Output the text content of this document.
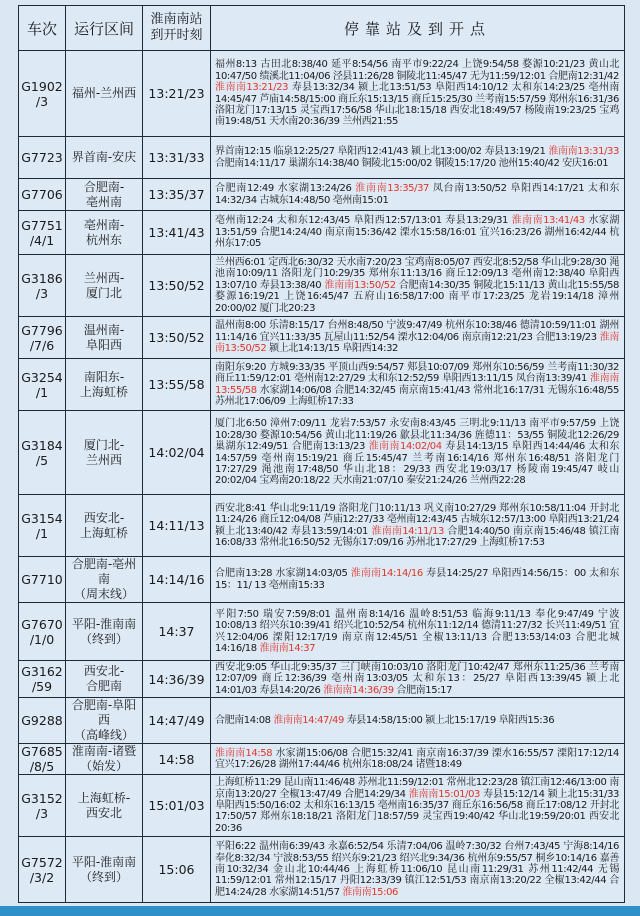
车次	运行区间	淮南南站
到开时刻	停靠站及到开点
G1902
/3	福州-兰州西	13:21/23	福州8:13 古田北8:38/40 延平8:54/56 南平市9:22/24 上饶9:54/58 婺源10:21/23 黄山北10:47/50 绩溪北11:04/06 泾县11:26/28 铜陵北11:45/47 无为11:59/12:01 合肥南12:31/42 淮南南13:21/23 寿县13:32/34 颍上北13:51/53 阜阳西14:10/12 太和东14:23/25 亳州南14:45/47 芦庙14:58/15:00 商丘东15:13/15 商丘15:25/30 兰考南15:57/59 郑州东16:31/36 洛阳龙门17:13/15 灵宝西17:56/58 华山北18:15/18 西安北18:49/57 杨陵南19:23/25 宝鸡南19:48/51 天水南20:36/39 兰州西21:55
G7723	界首南-安庆	13:31/33	界首南12:15 临泉12:25/27 阜阳西12:41/43 颍上北13:00/02 寿县13:19/21 淮南南13:31/33 合肥南14:11/17 巢湖东14:38/40 铜陵北15:00/02 铜陵15:17/20 池州15:40/42 安庆16:01
G7706	合肥南-
亳州南	13:35/37	合肥南12:49 水家湖13:24/26 淮南南13:35/37 凤台南13:50/52 阜阳西14:17/21 太和东14:32/34 古城东14:48/50 亳州南15:01
G7751
/4/1	亳州南-
杭州东	13:41/43	亳州南12:24 太和东12:43/45 阜阳西12:57/13:01 寿县13:29/31 淮南南13:41/43 水家湖13:51/59 合肥14:24/40 南京南15:36/42 溧水15:58/16:01 宜兴16:23/26 湖州16:42/44 杭州东17:05
G3186
/3	兰州西-
厦门北	13:50/52	兰州西6:01 定西北6:30/32 天水南7:20/23 宝鸡南8:05/07 西安北8:52/58 华山北9:28/30 渑池南10:09/11 洛阳龙门10:29/35 郑州东11:13/16 商丘12:09/13 亳州南12:38/40 阜阳西13:07/10 寿县13:38/40 淮南南13:50/52 合肥南14:30/35 铜陵北15:11/13 黄山北15:55/58 婺源16:19/21 上饶16:45/47 五府山16:58/17:00 南平市17:23/25 龙岩19:14/18 漳州20:00/02 厦门北20:23
G7796
/7/6	温州南-
阜阳西	13:50/52	温州南8:00 乐清8:15/17 台州8:48/50 宁波9:47/49 杭州东10:38/46 德清10:59/11:01 湖州11:14/16 宜兴11:33/35 瓦屋山11:52/54 溧水12:04/06 南京南12:21/23 合肥13:19/23 淮南南13:50/52 颍上北14:13/15 阜阳西14:32
G3254
/1	南阳东-
上海虹桥	13:55/58	南阳东9:20 方城9:33/35 平顶山西9:54/57 郏县10:07/09 郑州东10:56/59 兰考南11:30/32 商丘11:59/12:01 亳州南12:27/29 太和东12:52/59 阜阳西13:11/15 凤台南13:39/41 淮南南13:55/58 水家湖14:06/08 合肥14:32/45 南京南15:41/43 常州北16:17/31 无锡东16:48/55 苏州北17:06/09 上海虹桥17:33
G3184
/5	厦门北-
兰州西	14:02/04	厦门北6:50 漳州7:09/11 龙岩7:53/57 永安南8:43/45 三明北9:11/13 南平市9:57/59 上饶10:28/30 婺源10:54/56 黄山北11:19/26 歙县北11:34/36 旌德11：53/55 铜陵北12:26/29 巢湖东12:49/51 合肥南13:13/23 淮南南14:02/04 寿县14:13/15 阜阳西14:44/46 太和东14:57/59 亳州南15:19/21 商丘15:45/47 兰考南16:14/16 郑州东16:48/51 洛阳龙门17:27/29 渑池南17:48/50 华山北18：29/33 西安北19:03/17 杨陵南19:45/47 岐山20:02/04 宝鸡南20:18/22 天水南21:07/10 秦安21:24/26 兰州西22:28
G3154
/1	西安北-
上海虹桥	14:11/13	西安北8:41 华山北9:11/19 洛阳龙门10:11/13 巩义南10:27/29 郑州东10:58/11:04 开封北11:24/26 商丘12:04/08 芦庙12:27/33 亳州南12:43/45 古城东12:57/13:00 阜阳西13:21/24 颍上北13:40/42 寿县13:59/14:01 淮南南14:11/13 合肥14:40/50 南京南15:46/48 镇江南16:08/33 常州北16:50/52 无锡东17:09/16 苏州北17:27/29 上海虹桥17:53
G7710	合肥南-亳州南
（周末线）	14:14/16	合肥南13:28 水家湖14:03/05 淮南南14:14/16 寿县14:25/27 阜阳西14:56/15：00 太和东15：11/ 13 亳州南15:33
G7670
/1/0	平阳-淮南南
（终到）	14:37	平阳7:50 瑞安7:59/8:01 温州南8:14/16 温岭8:51/53 临海9:11/13 奉化9:47/49 宁波10:08/13 绍兴东10:39/41 绍兴北10:52/54 杭州东11:12/14 德清11:27/32 长兴11:49/51 宜兴12:04/06 溧阳12:17/19 南京南12:45/51 全椒13:11/13 合肥13:53/14:03 合肥北城14:16/18 淮南南14:37
G3162
/59	西安北-
合肥南	14:36/39	西安北9:05 华山北9:35/37 三门峡南10:03/10 洛阳龙门10:42/47 郑州东11:25/36 兰考南12:07/09 商丘12:36/39 亳州南13:03/05 太和东13：25/27 阜阳西13:39/45 颍上北14:01/03 寿县14:20/26 淮南南14:36/39 合肥南15:17
G9288	合肥南-阜阳西
（高峰线）	14:47/49	合肥南14:08 淮南南14:47/49 寿县14:58/15:00 颍上北15:17/19 阜阳西15:36
G7685
/8/5	淮南南-诸暨
（始发）	14:58	淮南南14:58 水家湖15:06/08 合肥15:32/41 南京南16:37/39 溧水16:55/57 溧阳17:12/14 宜兴17:26/28 湖州17:44/46 杭州东18:08/24 诸暨18:49
G3152
/3	上海虹桥-
西安北	15:01/03	上海虹桥11:29 昆山南11:46/48 苏州北11:59/12:01 常州北12:23/28 镇江南12:46/13:00 南京南13:20/27 全椒13:47/49 合肥14:29/34 淮南南15:01/03 寿县15:12/14 颍上北15:31/33 阜阳西15:50/16:02 太和东16:13/15 亳州南16:35/37 商丘东16:56/58 商丘17:08/12 开封北17:50/57 郑州东18:18/21 洛阳龙门18:57/59 灵宝西19:40/42 华山北19:59/20:01 西安北20:36
G7572
/3/2	平阳-淮南南
（终到）	15:06	平阳6:22 温州南6:39/43 永嘉6:52/54 乐清7:04/06 温岭7:30/32 台州7:43/45 宁海8:14/16 奉化8:32/34 宁波8:53/55 绍兴东9:21/23 绍兴北9:34/36 杭州东9:55/57 桐乡10:14/16 嘉善南10:32/34 金山北10:44/46 上海虹桥11:06/10 昆山南11:29/31 苏州11:42/44 无锡11:59/12:01 常州12:15/17 丹阳12:33/39 镇江12:51/53 南京南13:20/22 全椒13:42/44 合肥14:24/28 水家湖14:51/57 淮南南15:06
